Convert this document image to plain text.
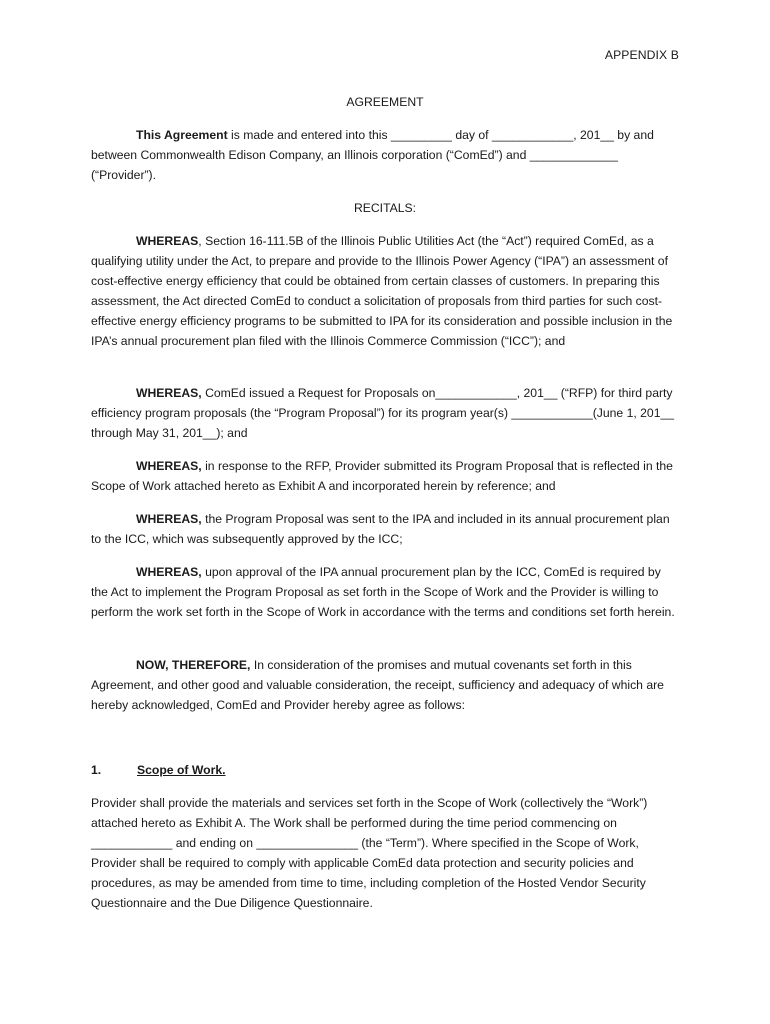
APPENDIX B
AGREEMENT

This Agreement is made and entered into this _________ day of ____________, 201__ by and between Commonwealth Edison Company, an Illinois corporation (“ComEd”) and _____________ (“Provider”).

RECITALS:

WHEREAS, Section 16-111.5B of the Illinois Public Utilities Act (the “Act”) required ComEd, as a qualifying utility under the Act, to prepare and provide to the Illinois Power Agency (“IPA”) an assessment of cost-effective energy efficiency that could be obtained from certain classes of customers. In preparing this assessment, the Act directed ComEd to conduct a solicitation of proposals from third parties for such cost-effective energy efficiency programs to be submitted to IPA for its consideration and possible inclusion in the IPA’s annual procurement plan filed with the Illinois Commerce Commission (“ICC”); and

WHEREAS, ComEd issued a Request for Proposals on____________, 201__ (“RFP) for third party efficiency program proposals (the “Program Proposal”) for its program year(s) ____________(June 1, 201__ through May 31, 201__); and

WHEREAS, in response to the RFP, Provider submitted its Program Proposal that is reflected in the Scope of Work attached hereto as Exhibit A and incorporated herein by reference; and

WHEREAS, the Program Proposal was sent to the IPA and included in its annual procurement plan to the ICC, which was subsequently approved by the ICC;

WHEREAS, upon approval of the IPA annual procurement plan by the ICC, ComEd is required by the Act to implement the Program Proposal as set forth in the Scope of Work and the Provider is willing to perform the work set forth in the Scope of Work in accordance with the terms and conditions set forth herein.

NOW, THEREFORE, In consideration of the promises and mutual covenants set forth in this Agreement, and other good and valuable consideration, the receipt, sufficiency and adequacy of which are hereby acknowledged, ComEd and Provider hereby agree as follows:

1.	Scope of Work.

Provider shall provide the materials and services set forth in the Scope of Work (collectively the “Work”) attached hereto as Exhibit A. The Work shall be performed during the time period commencing on ____________ and ending on _______________ (the “Term”). Where specified in the Scope of Work, Provider shall be required to comply with applicable ComEd data protection and security policies and procedures, as may be amended from time to time, including completion of the Hosted Vendor Security Questionnaire and the Due Diligence Questionnaire.
